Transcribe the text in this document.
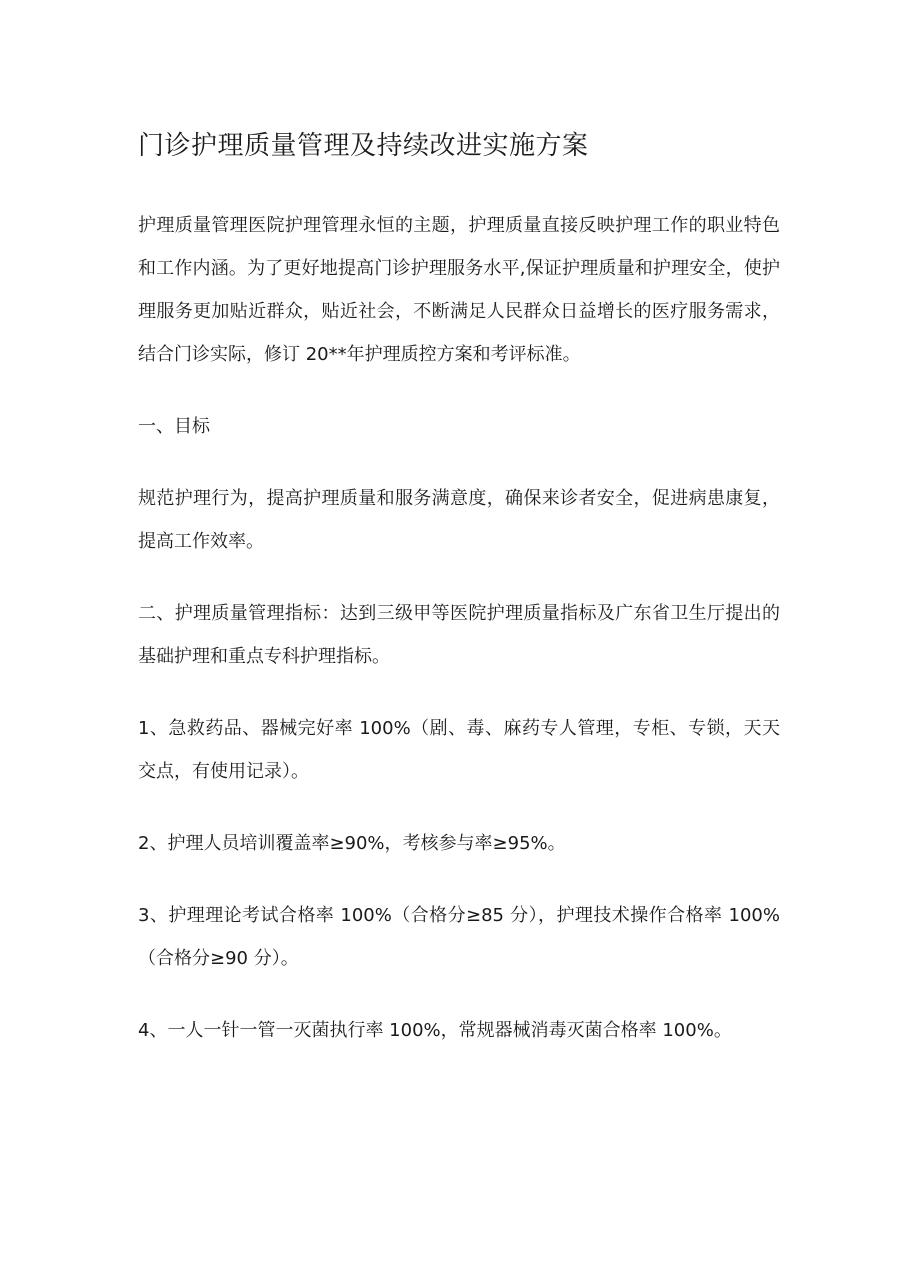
门诊护理质量管理及持续改进实施方案

护理质量管理医院护理管理永恒的主题，护理质量直接反映护理工作的职业特色和工作内涵。为了更好地提高门诊护理服务水平,保证护理质量和护理安全，使护理服务更加贴近群众，贴近社会，不断满足人民群众日益增长的医疗服务需求，结合门诊实际，修订 20**年护理质控方案和考评标准。

一、目标

规范护理行为，提高护理质量和服务满意度，确保来诊者安全，促进病患康复，提高工作效率。

二、护理质量管理指标：达到三级甲等医院护理质量指标及广东省卫生厅提出的基础护理和重点专科护理指标。

1、急救药品、器械完好率 100%（剧、毒、麻药专人管理，专柜、专锁，天天交点，有使用记录）。

2、护理人员培训覆盖率≥90%，考核参与率≥95%。

3、护理理论考试合格率 100%（合格分≥85 分），护理技术操作合格率 100%（合格分≥90 分）。

4、一人一针一管一灭菌执行率 100%，常规器械消毒灭菌合格率 100%。
